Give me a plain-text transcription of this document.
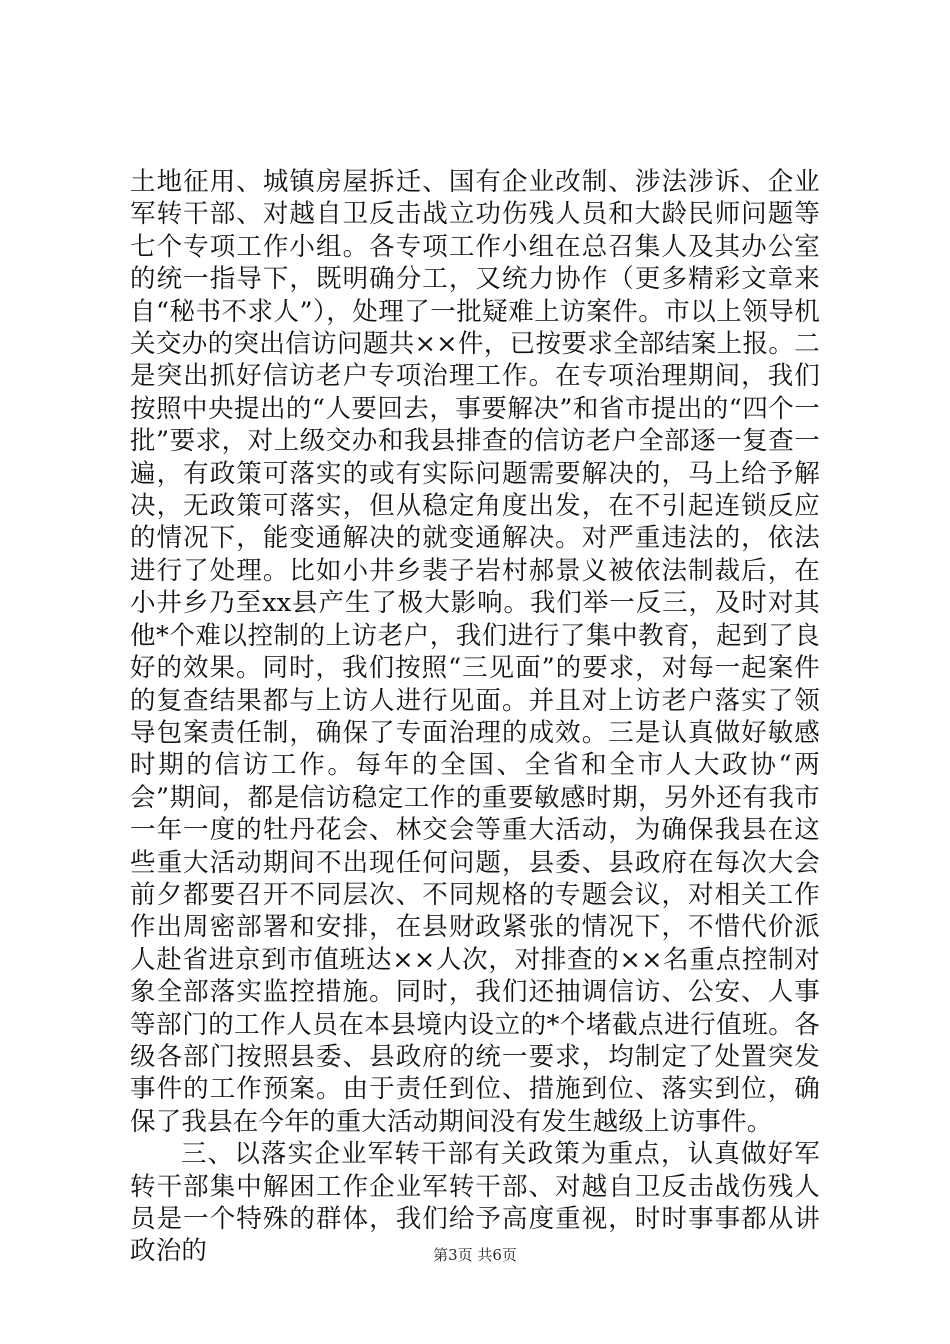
土地征用、城镇房屋拆迁、国有企业改制、涉法涉诉、企业军转干部、对越自卫反击战立功伤残人员和大龄民师问题等七个专项工作小组。各专项工作小组在总召集人及其办公室的统一指导下，既明确分工，又统力协作（更多精彩文章来自“秘书不求人”），处理了一批疑难上访案件。市以上领导机关交办的突出信访问题共××件，已按要求全部结案上报。二是突出抓好信访老户专项治理工作。在专项治理期间，我们按照中央提出的“人要回去，事要解决”和省市提出的“四个一批”要求，对上级交办和我县排查的信访老户全部逐一复查一遍，有政策可落实的或有实际问题需要解决的，马上给予解决，无政策可落实，但从稳定角度出发，在不引起连锁反应的情况下，能变通解决的就变通解决。对严重违法的，依法进行了处理。比如小井乡裴子岩村郝景义被依法制裁后，在小井乡乃至xx县产生了极大影响。我们举一反三，及时对其他*个难以控制的上访老户，我们进行了集中教育，起到了良好的效果。同时，我们按照“三见面”的要求，对每一起案件的复查结果都与上访人进行见面。并且对上访老户落实了领导包案责任制，确保了专面治理的成效。三是认真做好敏感时期的信访工作。每年的全国、全省和全市人大政协“两会”期间，都是信访稳定工作的重要敏感时期，另外还有我市一年一度的牡丹花会、林交会等重大活动，为确保我县在这些重大活动期间不出现任何问题，县委、县政府在每次大会前夕都要召开不同层次、不同规格的专题会议，对相关工作作出周密部署和安排，在县财政紧张的情况下，不惜代价派人赴省进京到市值班达××人次，对排查的××名重点控制对象全部落实监控措施。同时，我们还抽调信访、公安、人事等部门的工作人员在本县境内设立的*个堵截点进行值班。各级各部门按照县委、县政府的统一要求，均制定了处置突发事件的工作预案。由于责任到位、措施到位、落实到位，确保了我县在今年的重大活动期间没有发生越级上访事件。

三、以落实企业军转干部有关政策为重点，认真做好军转干部集中解困工作企业军转干部、对越自卫反击战伤残人员是一个特殊的群体，我们给予高度重视，时时事事都从讲政治的	第3页 共6页
